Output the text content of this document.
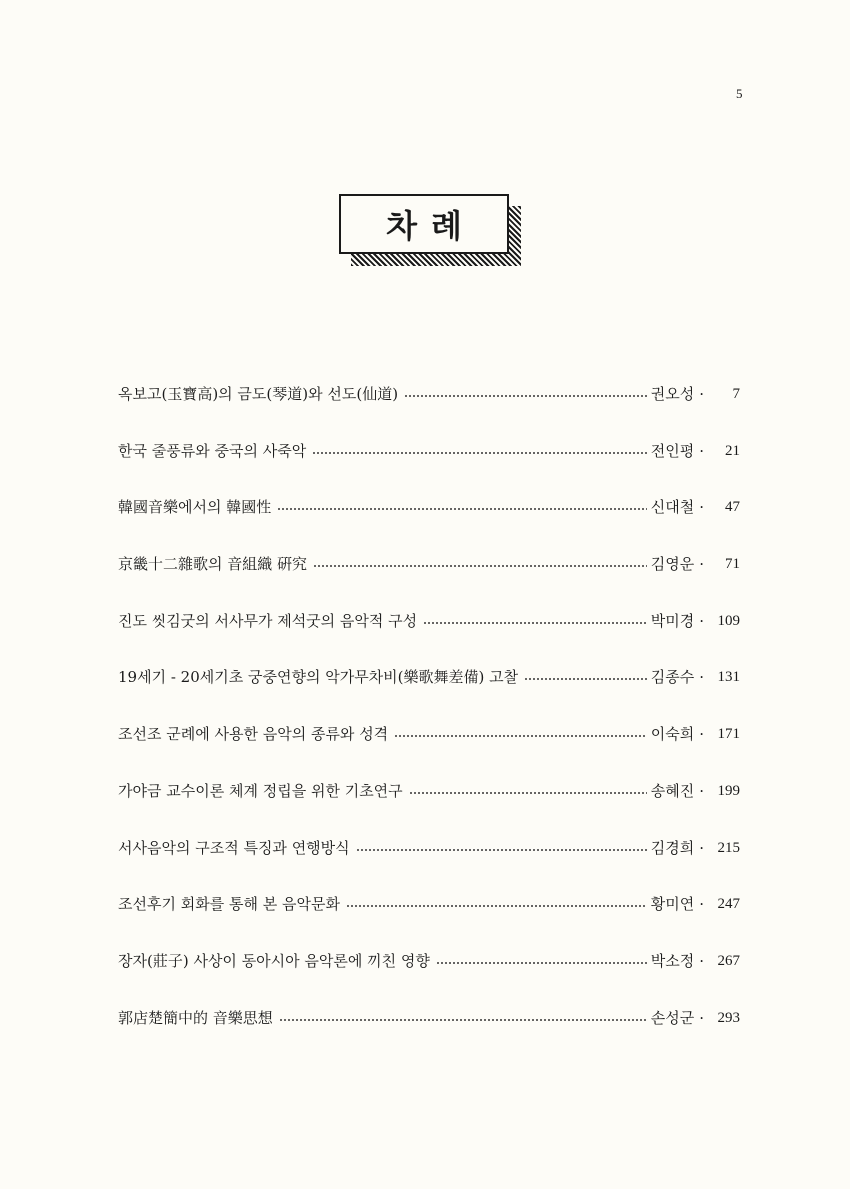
5
차례
옥보고(玉寶高)의 금도(琴道)와 선도(仙道)	권오성 ·	7
한국 줄풍류와 중국의 사죽악	전인평 ·	21
韓國音樂에서의 韓國性	신대철 ·	47
京畿十二雜歌의 音組織 硏究	김영운 ·	71
진도 씻김굿의 서사무가 제석굿의 음악적 구성	박미경 · 109
19세기 - 20세기초 궁중연향의 악가무차비(樂歌舞差備) 고찰	김종수 · 131
조선조 군례에 사용한 음악의 종류와 성격	이숙희 · 171
가야금 교수이론 체계 정립을 위한 기초연구	송혜진 · 199
서사음악의 구조적 특징과 연행방식	김경희 · 215
조선후기 회화를 통해 본 음악문화	황미연 · 247
장자(莊子) 사상이 동아시아 음악론에 끼친 영향	박소정 · 267
郭店楚簡中的 音樂思想	손성군 · 293
